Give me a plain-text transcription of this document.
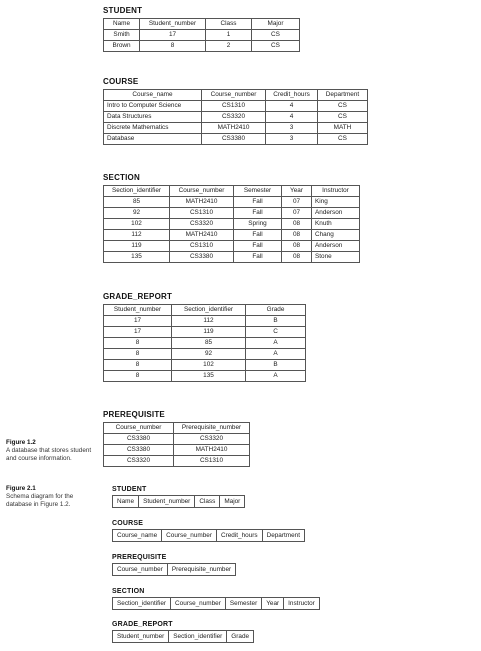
STUDENT
Name	Student_number	Class	Major
Smith	17	1	CS
Brown	8	2	CS
COURSE
Course_name	Course_number	Credit_hours	Department
Intro to Computer Science	CS1310	4	CS
Data Structures	CS3320	4	CS
Discrete Mathematics	MATH2410	3	MATH
Database	CS3380	3	CS
SECTION
Section_identifier	Course_number	Semester	Year	Instructor
85	MATH2410	Fall	07	King
92	CS1310	Fall	07	Anderson
102	CS3320	Spring	08	Knuth
112	MATH2410	Fall	08	Chang
119	CS1310	Fall	08	Anderson
135	CS3380	Fall	08	Stone
GRADE_REPORT
Student_number	Section_identifier	Grade
17	112	B
17	119	C
8	85	A
8	92	A
8	102	B
8	135	A
PREREQUISITE
Course_number	Prerequisite_number
CS3380	CS3320
CS3380	MATH2410
CS3320	CS1310
Figure 1.2
A database that stores student and course information.
Figure 2.1
Schema diagram for the database in Figure 1.2.
STUDENT
Name	Student_number	Class	Major
COURSE
Course_name	Course_number	Credit_hours	Department
PREREQUISITE
Course_number	Prerequisite_number
SECTION
Section_identifier	Course_number	Semester	Year	Instructor
GRADE_REPORT
Student_number	Section_identifier	Grade
